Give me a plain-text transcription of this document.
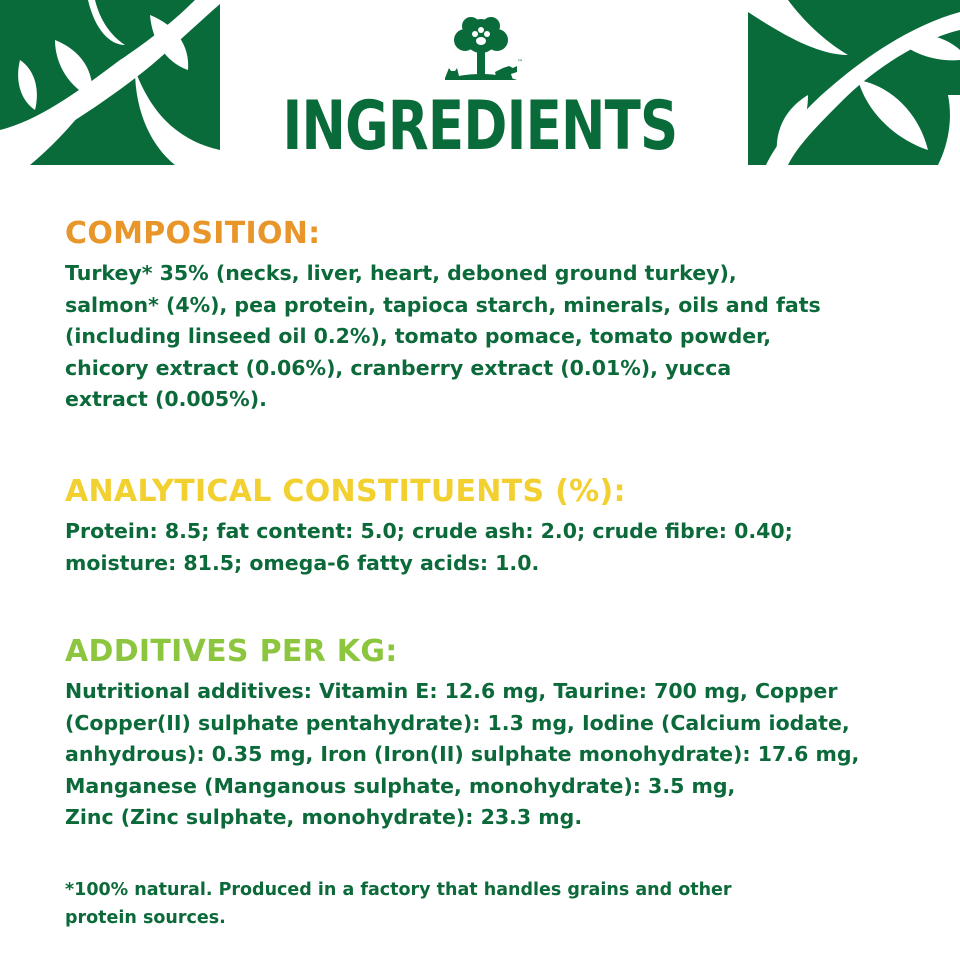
™
INGREDIENTS
COMPOSITION:

Turkey* 35% (necks, liver, heart, deboned ground turkey),

salmon* (4%), pea protein, tapioca starch, minerals, oils and fats

(including linseed oil 0.2%), tomato pomace, tomato powder,

chicory extract (0.06%), cranberry extract (0.01%), yucca

extract (0.005%).

ANALYTICAL CONSTITUENTS (%):

Protein: 8.5; fat content: 5.0; crude ash: 2.0; crude fibre: 0.40;

moisture: 81.5; omega-6 fatty acids: 1.0.

ADDITIVES PER KG:

Nutritional additives: Vitamin E: 12.6 mg, Taurine: 700 mg, Copper

(Copper(II) sulphate pentahydrate): 1.3 mg, Iodine (Calcium iodate,

anhydrous): 0.35 mg, Iron (Iron(II) sulphate monohydrate): 17.6 mg,

Manganese (Manganous sulphate, monohydrate): 3.5 mg,

Zinc (Zinc sulphate, monohydrate): 23.3 mg.

*100% natural. Produced in a factory that handles grains and other

protein sources.
